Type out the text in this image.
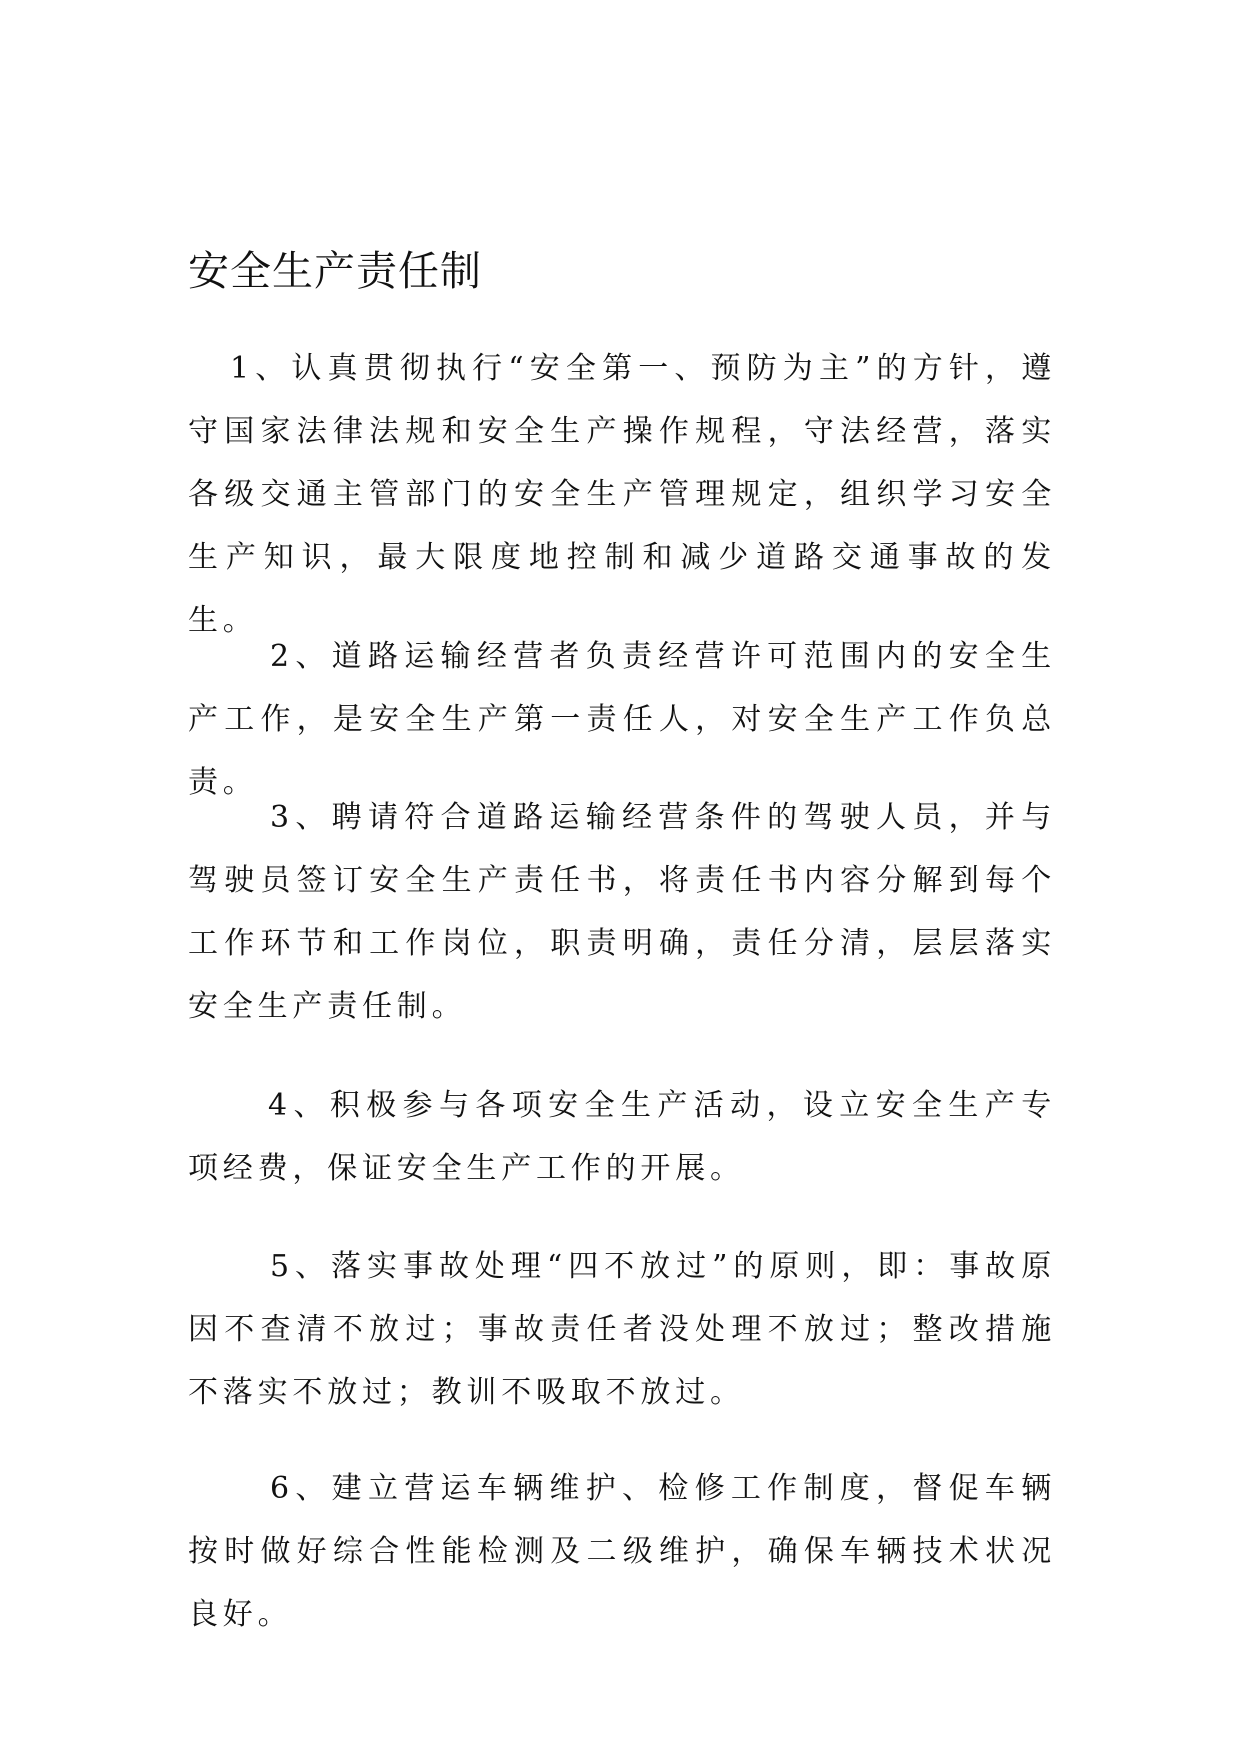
安全生产责任制

1、认真贯彻执行“安全第一、预防为主”的方针，遵守国家法律法规和安全生产操作规程，守法经营，落实各级交通主管部门的安全生产管理规定，组织学习安全生产知识，最大限度地控制和减少道路交通事故的发生。

2、道路运输经营者负责经营许可范围内的安全生产工作，是安全生产第一责任人，对安全生产工作负总责。

3、聘请符合道路运输经营条件的驾驶人员，并与驾驶员签订安全生产责任书，将责任书内容分解到每个工作环节和工作岗位，职责明确，责任分清，层层落实安全生产责任制。

4、积极参与各项安全生产活动，设立安全生产专项经费，保证安全生产工作的开展。

5、落实事故处理“四不放过”的原则，即：事故原因不查清不放过；事故责任者没处理不放过；整改措施不落实不放过；教训不吸取不放过。

6、建立营运车辆维护、检修工作制度，督促车辆按时做好综合性能检测及二级维护，确保车辆技术状况良好。
